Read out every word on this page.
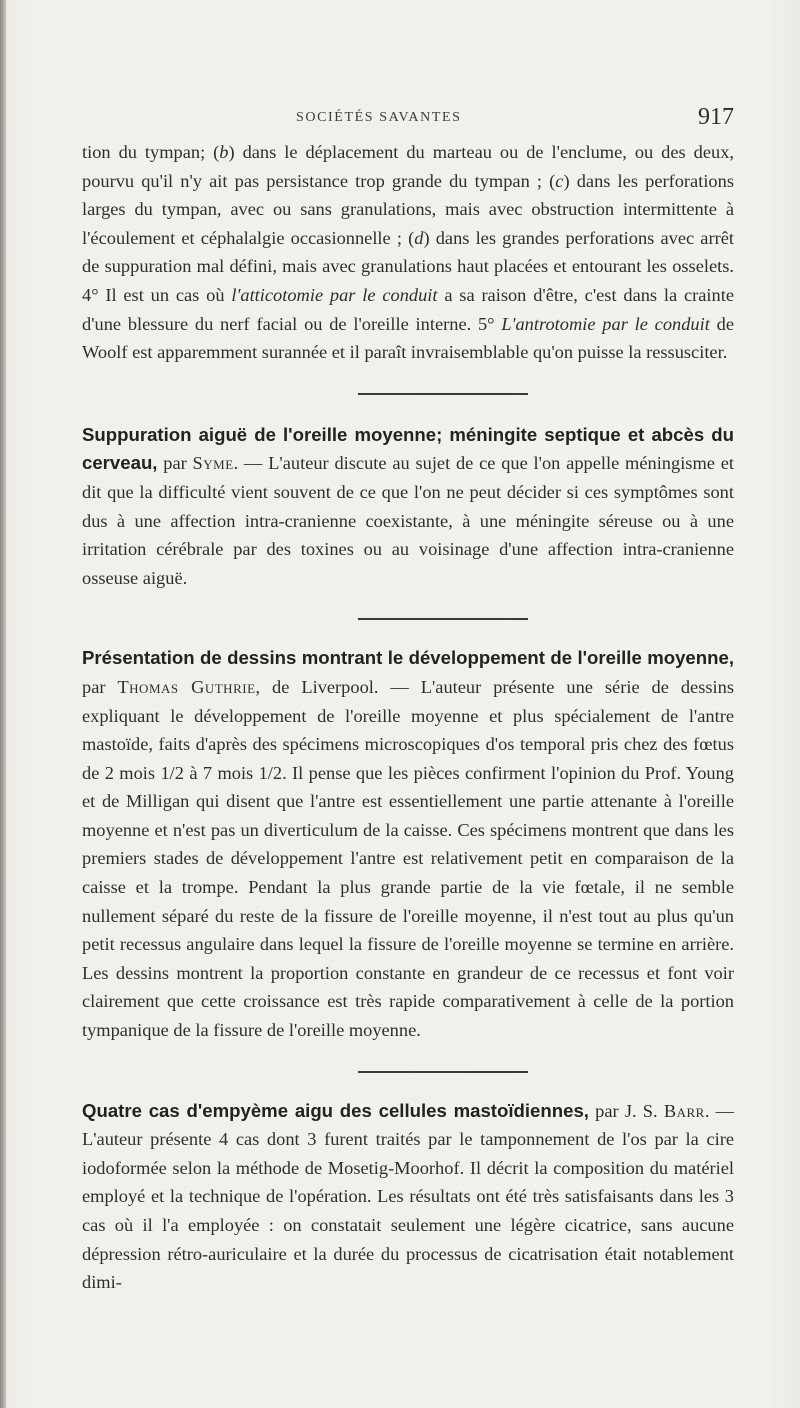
SOCIÉTÉS SAVANTES	917

tion du tympan; (b) dans le déplacement du marteau ou de l'enclume, ou des deux, pourvu qu'il n'y ait pas persistance trop grande du tympan ; (c) dans les perforations larges du tympan, avec ou sans granulations, mais avec obstruction intermittente à l'écoulement et céphalalgie occasionnelle ; (d) dans les grandes perforations avec arrêt de suppuration mal défini, mais avec granulations haut placées et entourant les osselets. 4° Il est un cas où l'atticotomie par le conduit a sa raison d'être, c'est dans la crainte d'une blessure du nerf facial ou de l'oreille interne. 5° L'antrotomie par le conduit de Woolf est apparemment surannée et il paraît invraisemblable qu'on puisse la ressusciter.

Suppuration aiguë de l'oreille moyenne; méningite septique et abcès du cerveau, par Syme. — L'auteur discute au sujet de ce que l'on appelle méningisme et dit que la difficulté vient souvent de ce que l'on ne peut décider si ces symptômes sont dus à une affection intra-cranienne coexistante, à une méningite séreuse ou à une irritation cérébrale par des toxines ou au voisinage d'une affection intra-cranienne osseuse aiguë.

Présentation de dessins montrant le développement de l'oreille moyenne, par Thomas Guthrie, de Liverpool. — L'auteur présente une série de dessins expliquant le développement de l'oreille moyenne et plus spécialement de l'antre mastoïde, faits d'après des spécimens microscopiques d'os temporal pris chez des fœtus de 2 mois 1/2 à 7 mois 1/2. Il pense que les pièces confirment l'opinion du Prof. Young et de Milligan qui disent que l'antre est essentiellement une partie attenante à l'oreille moyenne et n'est pas un diverticulum de la caisse. Ces spécimens montrent que dans les premiers stades de développement l'antre est relativement petit en comparaison de la caisse et la trompe. Pendant la plus grande partie de la vie fœtale, il ne semble nullement séparé du reste de la fissure de l'oreille moyenne, il n'est tout au plus qu'un petit recessus angulaire dans lequel la fissure de l'oreille moyenne se termine en arrière. Les dessins montrent la proportion constante en grandeur de ce recessus et font voir clairement que cette croissance est très rapide comparativement à celle de la portion tympanique de la fissure de l'oreille moyenne.

Quatre cas d'empyème aigu des cellules mastoïdiennes, par J. S. Barr. — L'auteur présente 4 cas dont 3 furent traités par le tamponnement de l'os par la cire iodoformée selon la méthode de Mosetig-Moorhof. Il décrit la composition du matériel employé et la technique de l'opération. Les résultats ont été très satisfaisants dans les 3 cas où il l'a employée : on constatait seulement une légère cicatrice, sans aucune dépression rétro-auriculaire et la durée du processus de cicatrisation était notablement dimi-
